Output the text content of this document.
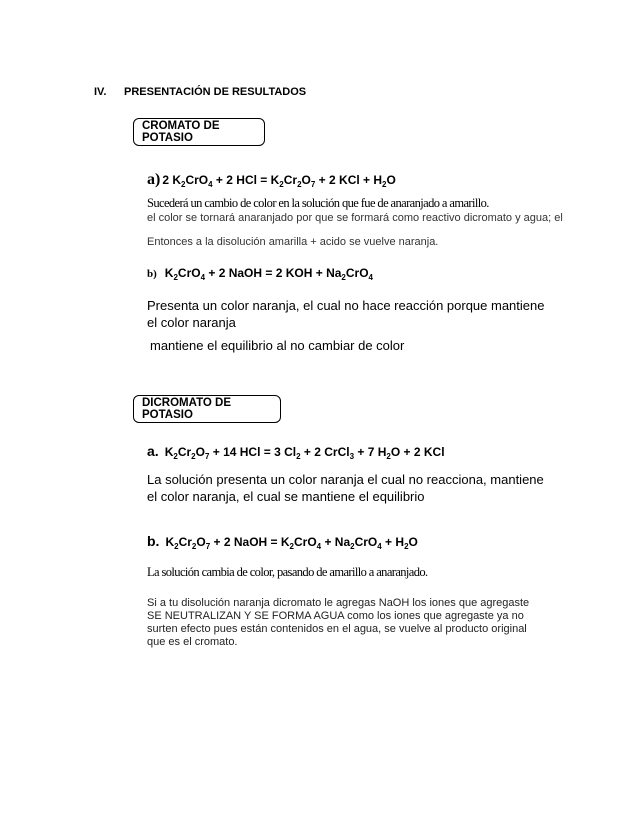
IV. PRESENTACIÓN DE RESULTADOS
CROMATO DE POTASIO
a) 2 $K_2CrO_4 + 2$ HCl = $K_2Cr_2O_7 + 2$ KCl + $H_2O$
Sucederá un cambio de color en la solución que fue de anaranjado a amarillo.
el color se tornará anaranjado por que se formará como reactivo dicromato y agua; el
Entonces a la disolución amarilla + acido se vuelve naranja.
b) $K_2CrO_4 + 2$ NaOH = 2 KOH + $Na_2CrO_4$
Presenta un color naranja, el cual no hace reacción porque mantiene el color naranja
mantiene el equilibrio al no cambiar de color
DICROMATO DE POTASIO
a. $K_2Cr_2O_7 + 14$ HCl = 3 $Cl_2 + 2$ CrCl$_3$ + 7 $H_2O + 2$ KCl
La solución presenta un color naranja el cual no reacciona, mantiene el color naranja, el cual se mantiene el equilibrio
b. $K_2Cr_2O_7 + 2$ NaOH = $K_2CrO_4 + Na_2CrO_4 + H_2O$
La solución cambia de color, pasando de amarillo a anaranjado.
Si a tu disolución naranja dicromato le agregas NaOH los iones que agregaste SE NEUTRALIZAN Y SE FORMA AGUA como los iones que agregaste ya no surten efecto pues están contenidos en el agua, se vuelve al producto original que es el cromato.
